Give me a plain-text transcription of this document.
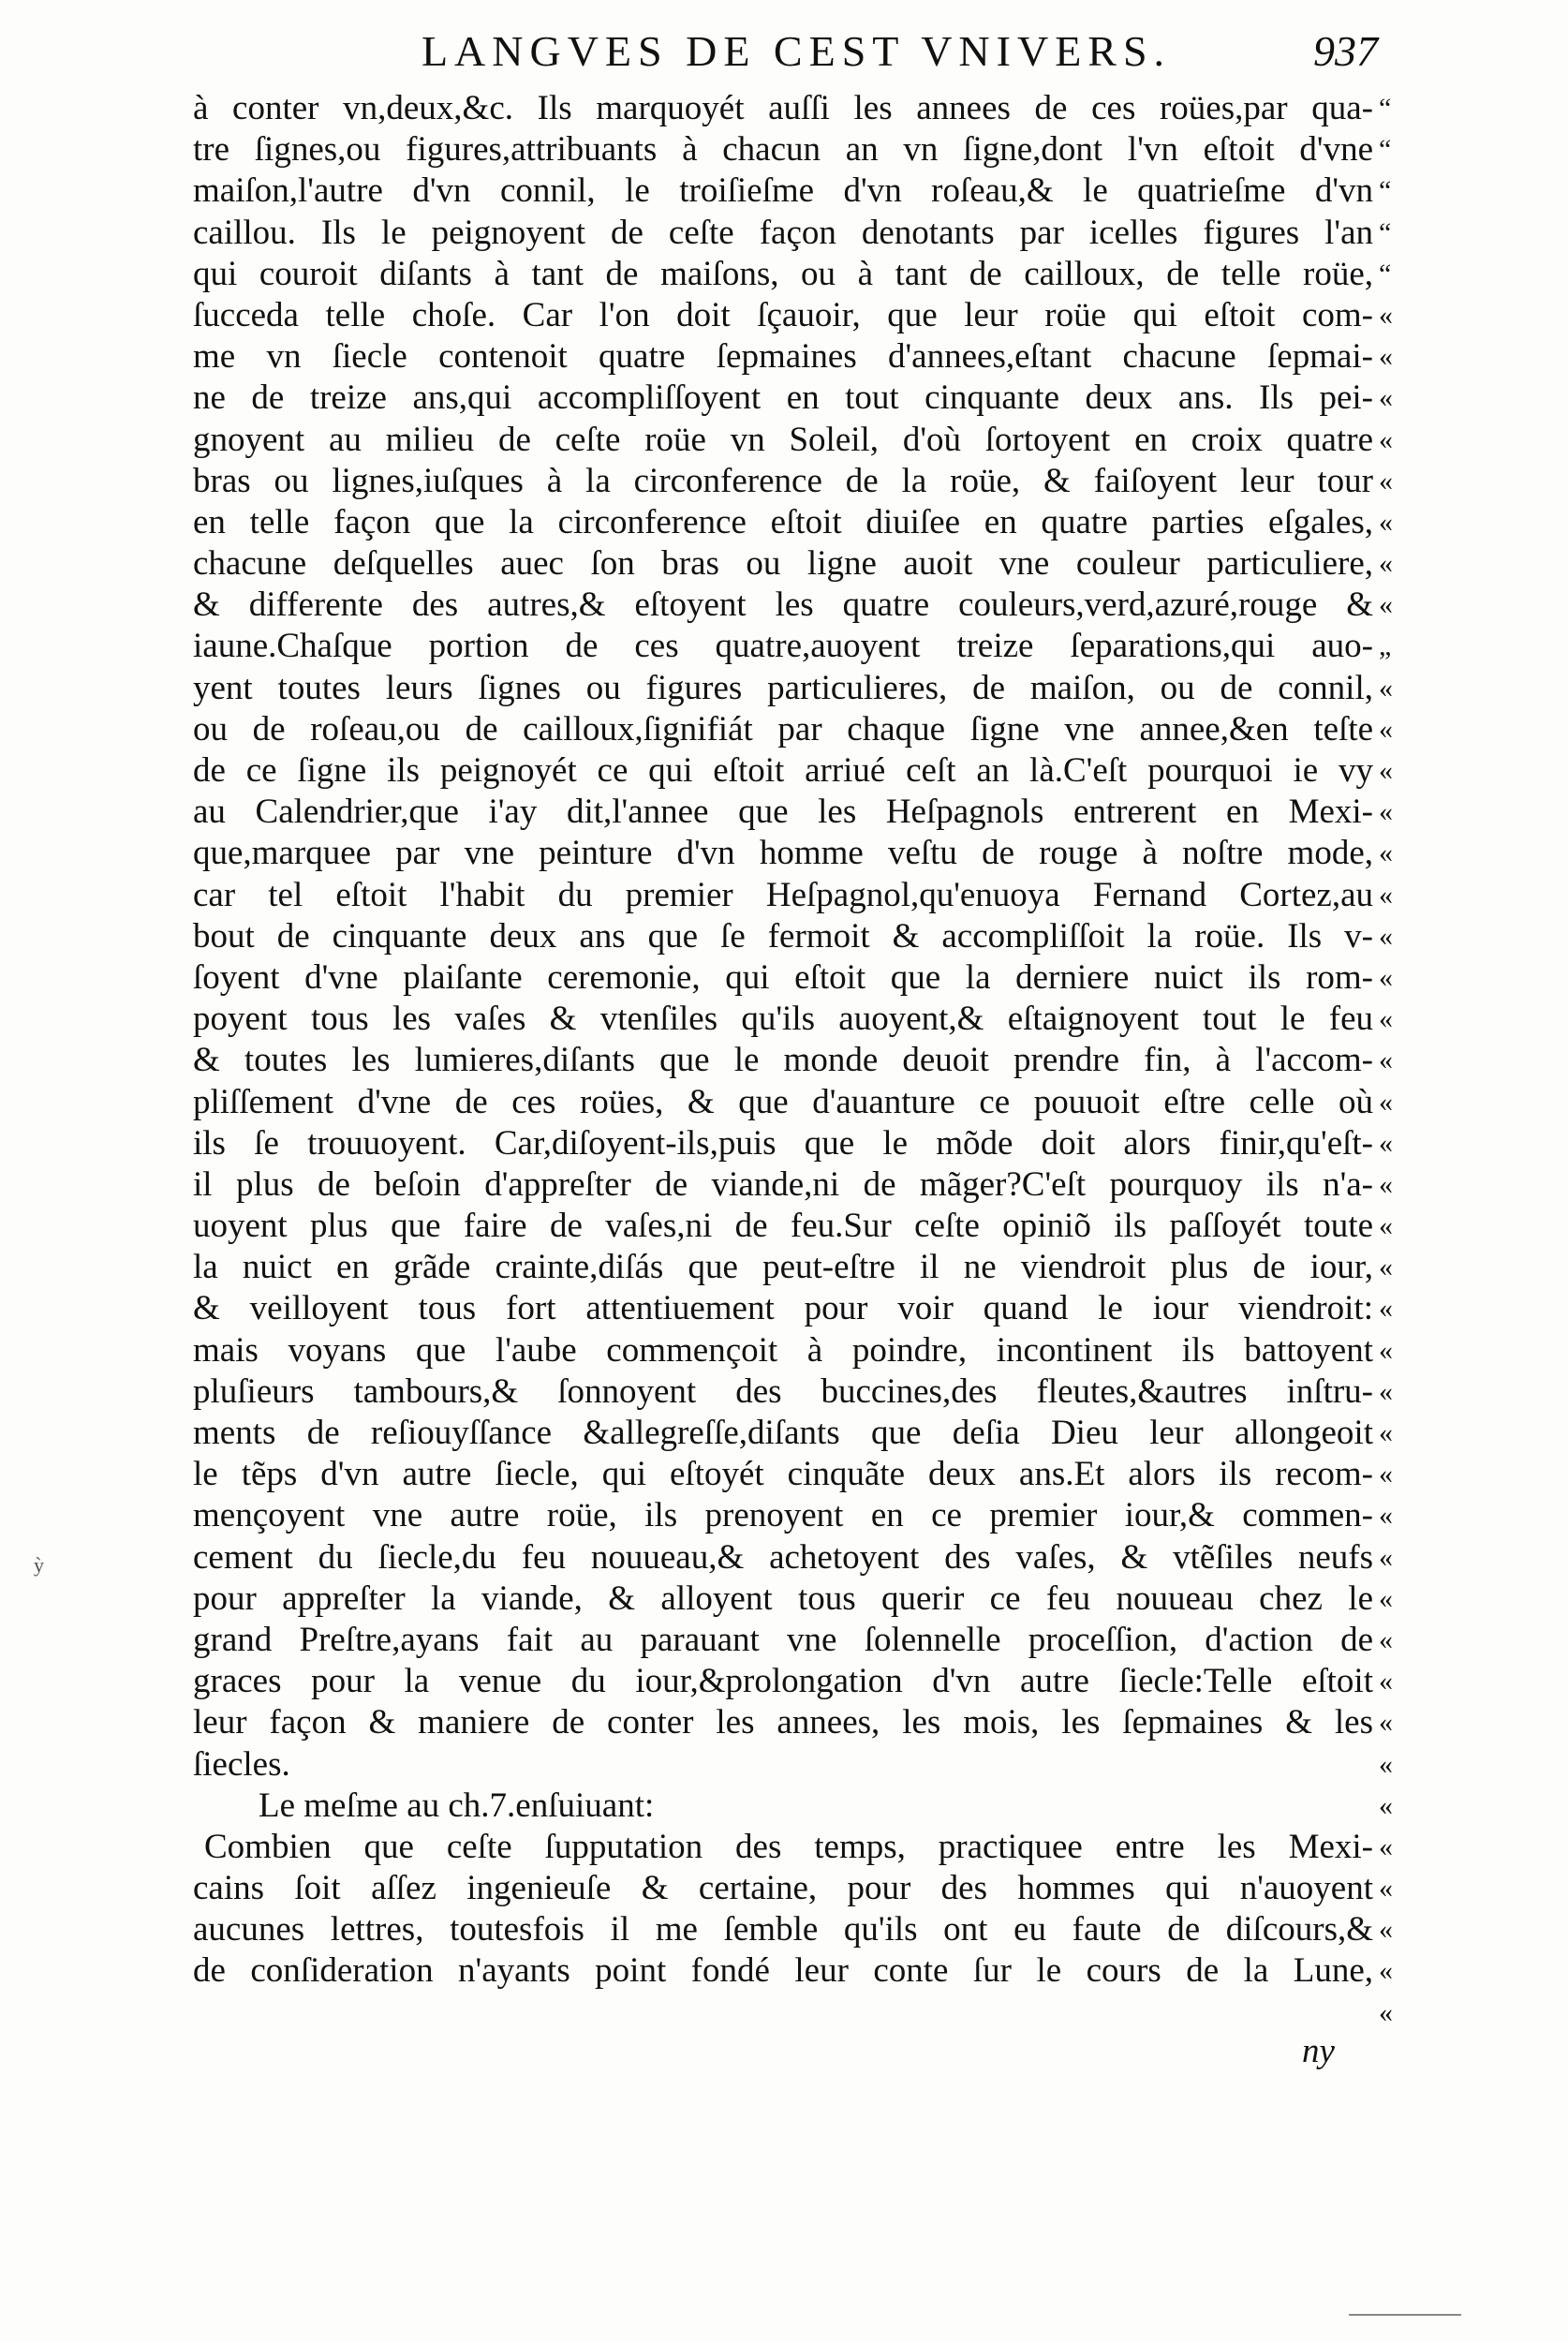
LANGVES DE CEST VNIVERS.	937
à conter vn,deux,&c. Ils marquoyét auſſi les annees de ces roües,par qua-
tre ſignes,ou figures,attribuants à chacun an vn ſigne,dont l'vn eſtoit d'vne
maiſon,l'autre d'vn connil, le troiſieſme d'vn roſeau,& le quatrieſme d'vn
caillou. Ils le peignoyent de ceſte façon denotants par icelles figures l'an
qui couroit diſants à tant de maiſons, ou à tant de cailloux, de telle roüe,
ſucceda telle choſe. Car l'on doit ſçauoir, que leur roüe qui eſtoit com-
me vn ſiecle contenoit quatre ſepmaines d'annees,eſtant chacune ſepmai-
ne de treize ans,qui accompliſſoyent en tout cinquante deux ans. Ils pei-
gnoyent au milieu de ceſte roüe vn Soleil, d'où ſortoyent en croix quatre
bras ou lignes,iuſques à la circonference de la roüe, & faiſoyent leur tour
en telle façon que la circonference eſtoit diuiſee en quatre parties eſgales,
chacune deſquelles auec ſon bras ou ligne auoit vne couleur particuliere,
& differente des autres,& eſtoyent les quatre couleurs,verd,azuré,rouge &
iaune.Chaſque portion de ces quatre,auoyent treize ſeparations,qui auo-
yent toutes leurs ſignes ou figures particulieres, de maiſon, ou de connil,
ou de roſeau,ou de cailloux,ſignifiát par chaque ſigne vne annee,&en teſte
de ce ſigne ils peignoyét ce qui eſtoit arriué ceſt an là.C'eſt pourquoi ie vy
au Calendrier,que i'ay dit,l'annee que les Heſpagnols entrerent en Mexi-
que,marquee par vne peinture d'vn homme veſtu de rouge à noſtre mode,
car tel eſtoit l'habit du premier Heſpagnol,qu'enuoya Fernand Cortez,au
bout de cinquante deux ans que ſe fermoit & accompliſſoit la roüe. Ils v-
ſoyent d'vne plaiſante ceremonie, qui eſtoit que la derniere nuict ils rom-
poyent tous les vaſes & vtenſiles qu'ils auoyent,& eſtaignoyent tout le feu
& toutes les lumieres,diſants que le monde deuoit prendre fin, à l'accom-
pliſſement d'vne de ces roües, & que d'auanture ce pouuoit eſtre celle où
ils ſe trouuoyent. Car,diſoyent-ils,puis que le mõde doit alors finir,qu'eſt-
il plus de beſoin d'appreſter de viande,ni de mãger?C'eſt pourquoy ils n'a-
uoyent plus que faire de vaſes,ni de feu.Sur ceſte opiniõ ils paſſoyét toute
la nuict en grãde crainte,diſás que peut-eſtre il ne viendroit plus de iour,
& veilloyent tous fort attentiuement pour voir quand le iour viendroit:
mais voyans que l'aube commençoit à poindre, incontinent ils battoyent
pluſieurs tambours,& ſonnoyent des buccines,des fleutes,&autres inſtru-
ments de reſiouyſſance &allegreſſe,diſants que deſia Dieu leur allongeoit
le tẽps d'vn autre ſiecle, qui eſtoyét cinquãte deux ans.Et alors ils recom-
mençoyent vne autre roüe, ils prenoyent en ce premier iour,& commen-
cement du ſiecle,du feu nouueau,& achetoyent des vaſes, & vtẽſiles neufs
pour appreſter la viande, & alloyent tous querir ce feu nouueau chez le
grand Preſtre,ayans fait au parauant vne ſolennelle proceſſion, d'action de
graces pour la venue du iour,&prolongation d'vn autre ſiecle:Telle eſtoit
leur façon & maniere de conter les annees, les mois, les ſepmaines & les
ſiecles.
Le meſme au ch.7.enſuiuant:
Combien que ceſte ſupputation des temps, practiquee entre les Mexi-
cains ſoit aſſez ingenieuſe & certaine, pour des hommes qui n'auoyent
aucunes lettres, toutesfois il me ſemble qu'ils ont eu faute de diſcours,&
de conſideration n'ayants point fondé leur conte ſur le cours de la Lune,
“
“
“
“
“
«
«
«
«
«
«
«
«
„
«
«
«
«
«
«
«
«
«
«
«
«
«
«
«
«
«
«
«
«
«
«
«
«
«
«
«
«
«
«
«
«
«
ỳ
ny
